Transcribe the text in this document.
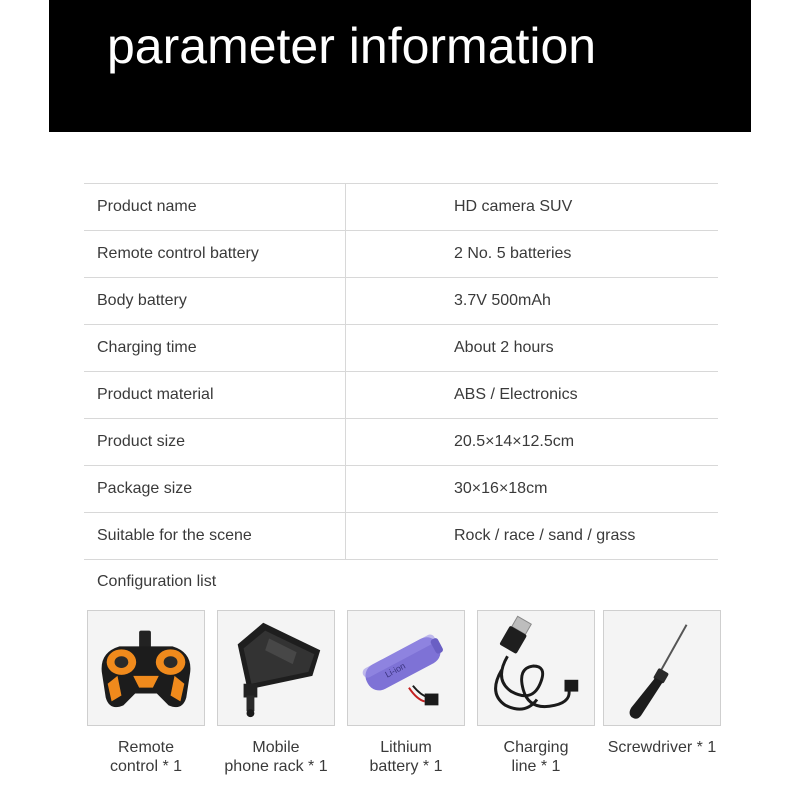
parameter information
Product name	HD camera SUV
Remote control battery	2 No. 5 batteries
Body battery	3.7V 500mAh
Charging time	About 2 hours
Product material	ABS / Electronics
Product size	20.5×14×12.5cm
Package size	30×16×18cm
Suitable for the scene	Rock / race / sand / grass
Configuration list
Remote
control * 1
Mobile
phone rack * 1
Li-ion
Lithium
battery * 1
Charging
line * 1
Screwdriver * 1
